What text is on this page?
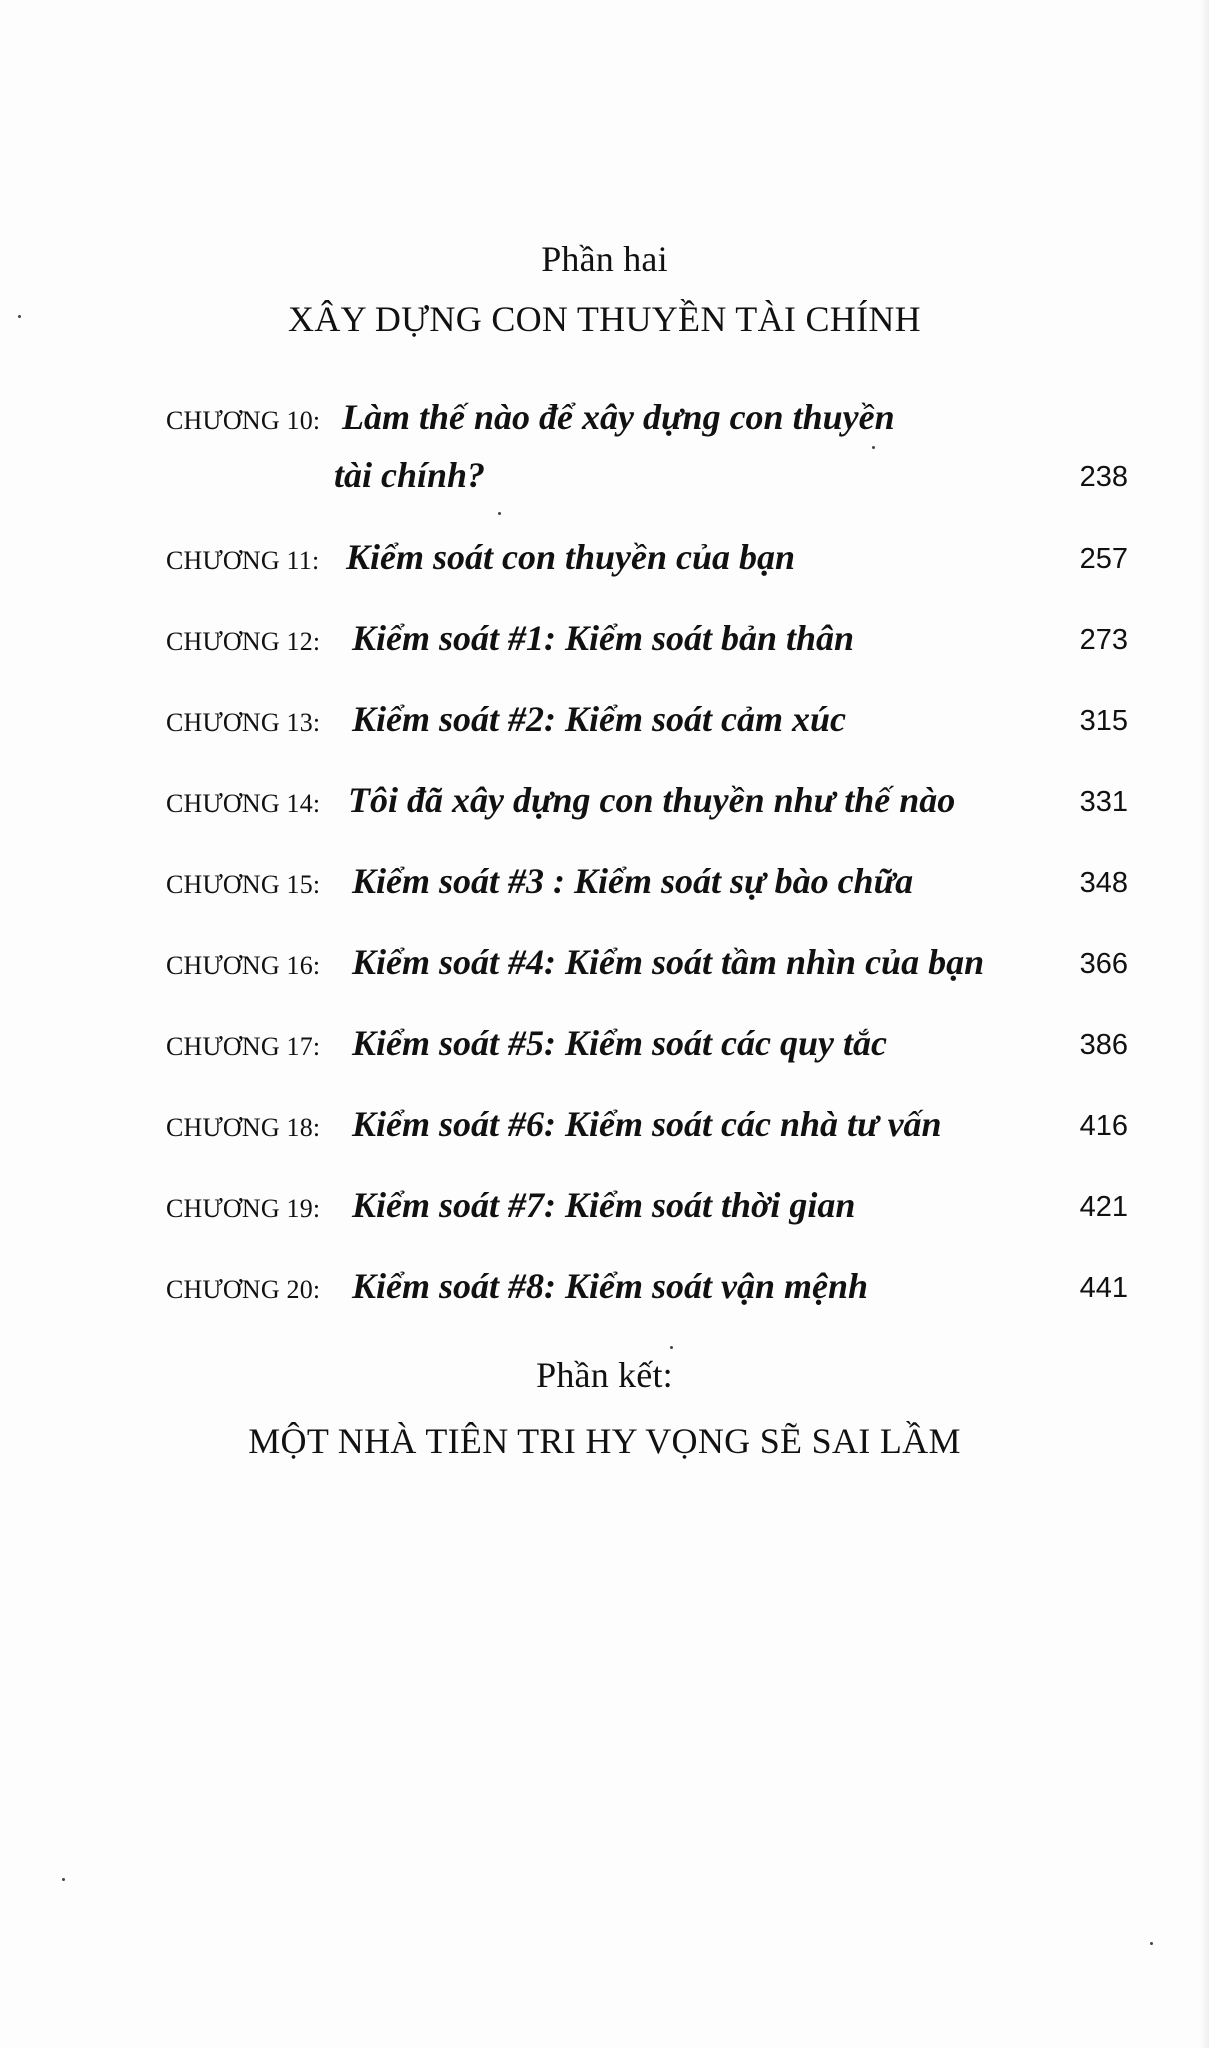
Phần hai
XÂY DỰNG CON THUYỀN TÀI CHÍNH
CHƯƠNG 10: Làm thế nào để xây dựng con thuyền
tài chính?	238
CHƯƠNG 11: Kiểm soát con thuyền của bạn	257
CHƯƠNG 12: Kiểm soát #1: Kiểm soát bản thân	273
CHƯƠNG 13: Kiểm soát #2: Kiểm soát cảm xúc	315
CHƯƠNG 14: Tôi đã xây dựng con thuyền như thế nào	331
CHƯƠNG 15: Kiểm soát #3 : Kiểm soát sự bào chữa	348
CHƯƠNG 16: Kiểm soát #4: Kiểm soát tầm nhìn của bạn	366
CHƯƠNG 17: Kiểm soát #5: Kiểm soát các quy tắc	386
CHƯƠNG 18: Kiểm soát #6: Kiểm soát các nhà tư vấn	416
CHƯƠNG 19: Kiểm soát #7: Kiểm soát thời gian	421
CHƯƠNG 20: Kiểm soát #8: Kiểm soát vận mệnh	441
Phần kết:
MỘT NHÀ TIÊN TRI HY VỌNG SẼ SAI LẦM
